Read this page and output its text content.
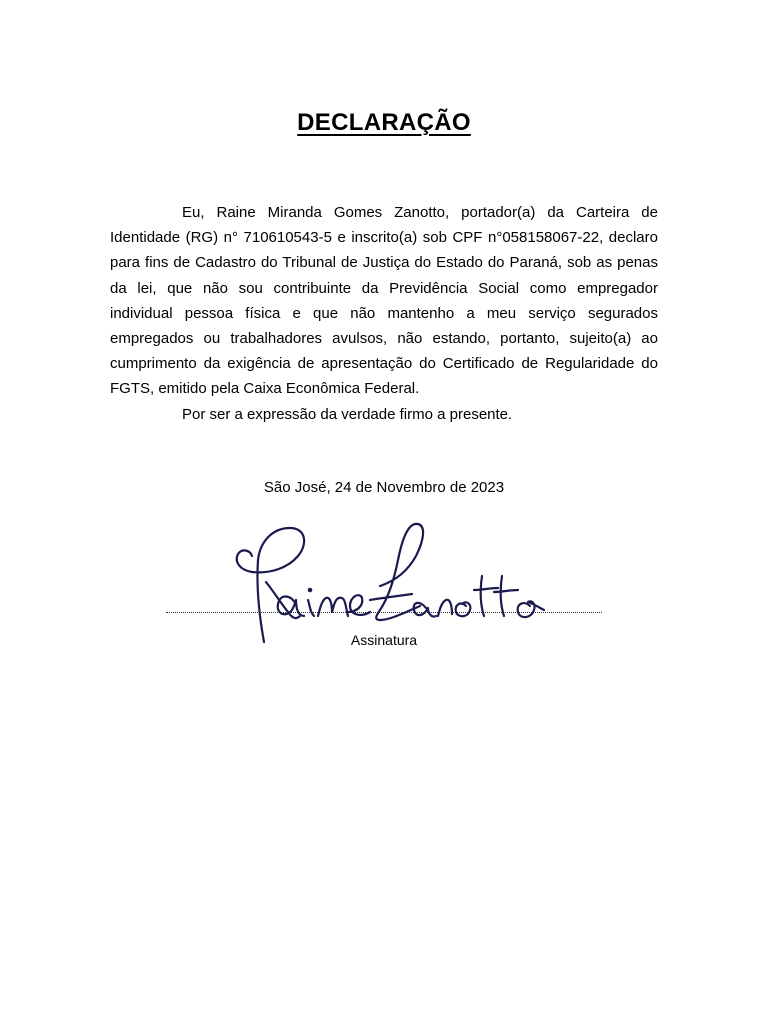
DECLARAÇÃO

Eu, Raine Miranda Gomes Zanotto, portador(a) da Carteira de Identidade (RG) n° 710610543-5 e inscrito(a) sob CPF n°058158067-22, declaro para fins de Cadastro do Tribunal de Justiça do Estado do Paraná, sob as penas da lei, que não sou contribuinte da Previdência Social como empregador individual pessoa física e que não mantenho a meu serviço segurados empregados ou trabalhadores avulsos, não estando, portanto, sujeito(a) ao cumprimento da exigência de apresentação do Certificado de Regularidade do FGTS, emitido pela Caixa Econômica Federal.

Por ser a expressão da verdade firmo a presente.

São José, 24 de Novembro de 2023
Assinatura
